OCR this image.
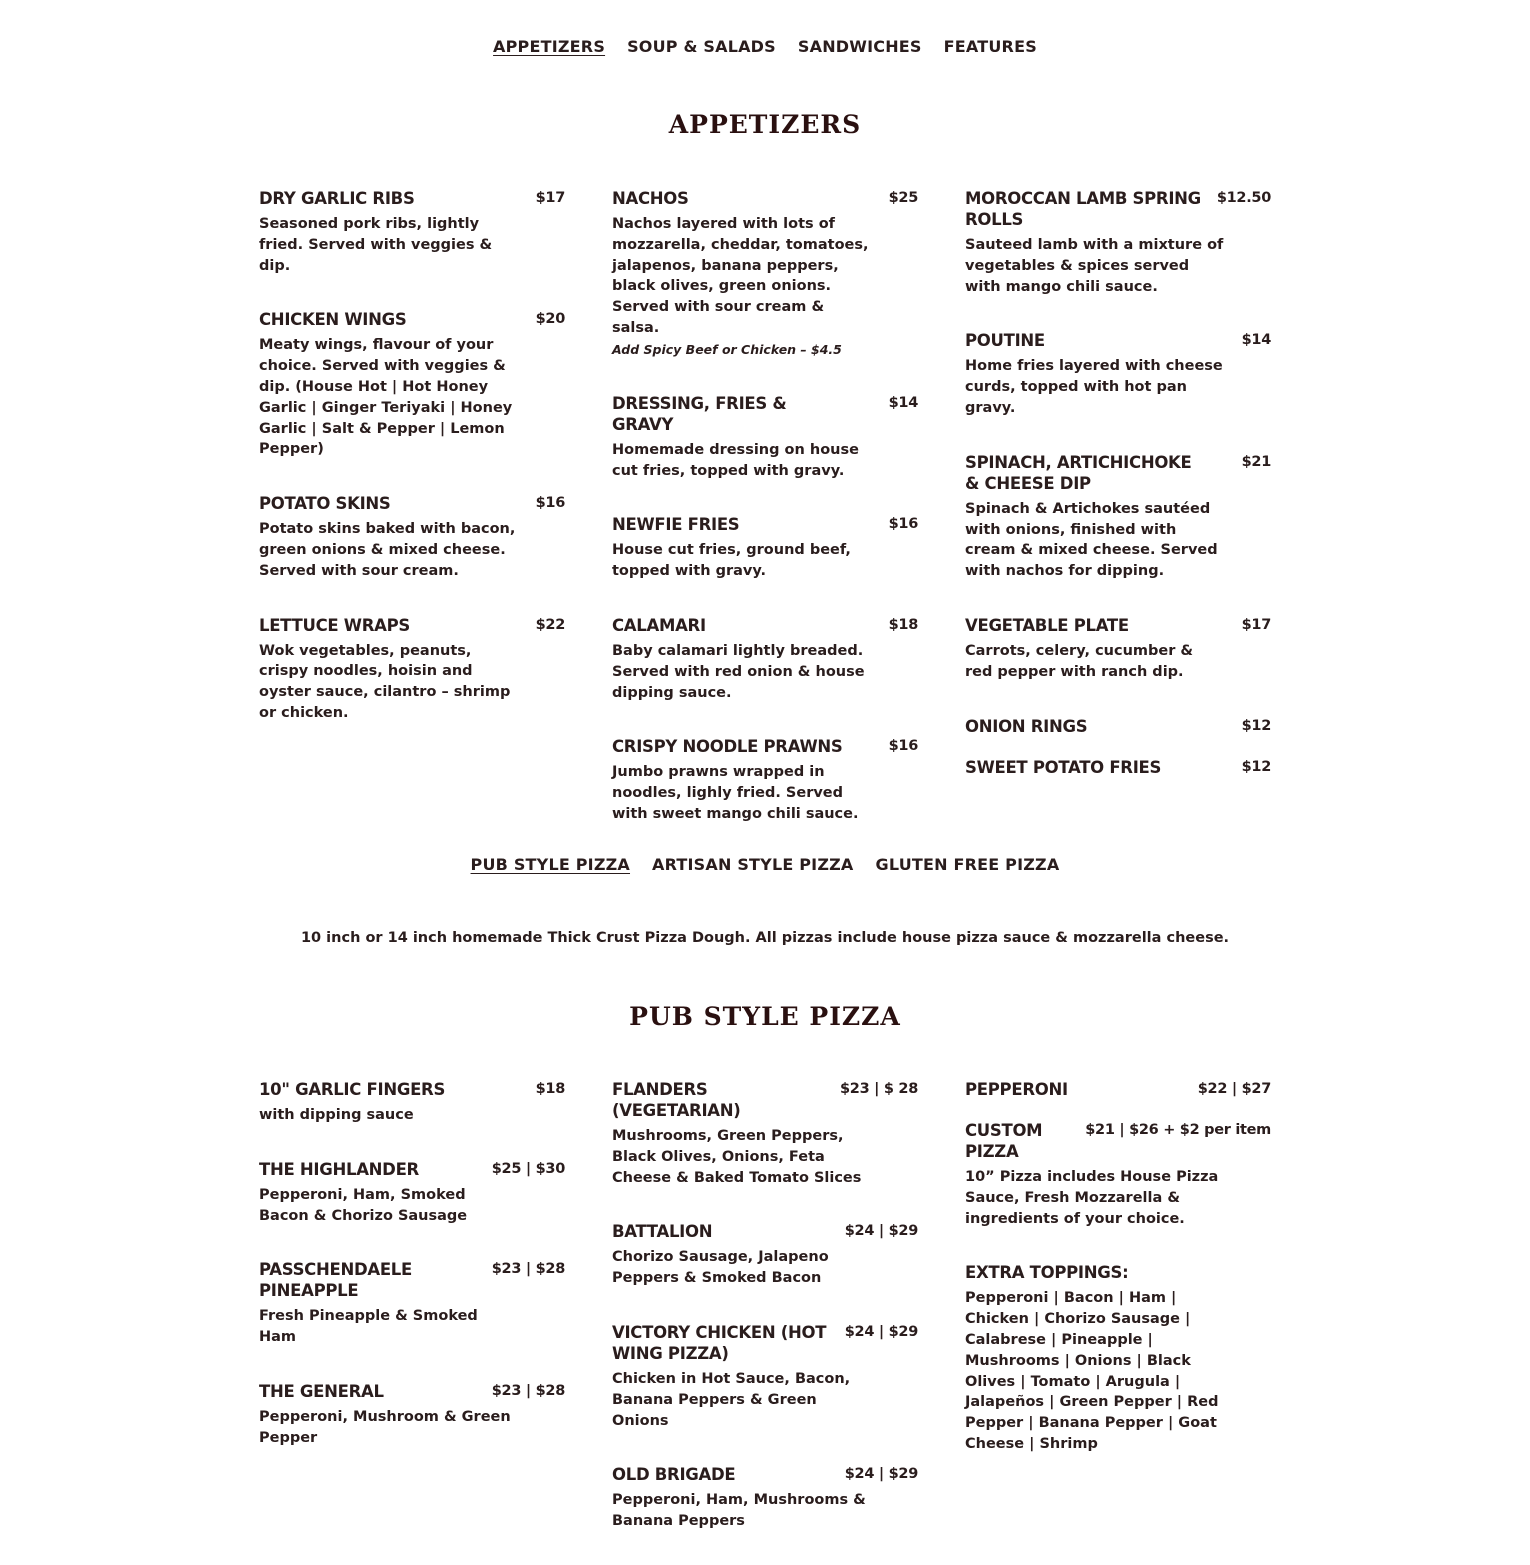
APPETIZERS SOUP & SALADS SANDWICHES FEATURES
APPETIZERS
DRY GARLIC RIBS	$17
Seasoned pork ribs, lightly fried. Served with veggies & dip.
CHICKEN WINGS	$20
Meaty wings, flavour of your choice. Served with veggies & dip. (House Hot | Hot Honey Garlic | Ginger Teriyaki | Honey Garlic | Salt & Pepper | Lemon Pepper)
POTATO SKINS	$16
Potato skins baked with bacon, green onions & mixed cheese. Served with sour cream.
LETTUCE WRAPS	$22
Wok vegetables, peanuts, crispy noodles, hoisin and oyster sauce, cilantro – shrimp or chicken.
NACHOS	$25
Nachos layered with lots of mozzarella, cheddar, tomatoes, jalapenos, banana peppers, black olives, green onions. Served with sour cream & salsa.
Add Spicy Beef or Chicken – $4.5
DRESSING, FRIES & GRAVY
$14
Homemade dressing on house cut fries, topped with gravy.
NEWFIE FRIES	$16
House cut fries, ground beef, topped with gravy.
CALAMARI	$18
Baby calamari lightly breaded. Served with red onion & house dipping sauce.
CRISPY NOODLE PRAWNS	$16
Jumbo prawns wrapped in noodles, lighly fried. Served with sweet mango chili sauce.
MOROCCAN LAMB SPRING ROLLS
$12.50
Sauteed lamb with a mixture of vegetables & spices served with mango chili sauce.
POUTINE	$14
Home fries layered with cheese curds, topped with hot pan gravy.
SPINACH, ARTICHICHOKE & CHEESE DIP
$21
Spinach & Artichokes sautéed with onions, finished with cream & mixed cheese. Served with nachos for dipping.
VEGETABLE PLATE	$17
Carrots, celery, cucumber & red pepper with ranch dip.
ONION RINGS	$12
SWEET POTATO FRIES	$12
PUB STYLE PIZZA ARTISAN STYLE PIZZA GLUTEN FREE PIZZA
10 inch or 14 inch homemade Thick Crust Pizza Dough. All pizzas include house pizza sauce & mozzarella cheese.
PUB STYLE PIZZA
10" GARLIC FINGERS	$18
with dipping sauce
THE HIGHLANDER	$25 | $30
Pepperoni, Ham, Smoked Bacon & Chorizo Sausage
PASSCHENDAELE PINEAPPLE
$23 | $28
Fresh Pineapple & Smoked Ham
THE GENERAL	$23 | $28
Pepperoni, Mushroom & Green Pepper
FLANDERS (VEGETARIAN)
$23 | $ 28
Mushrooms, Green Peppers, Black Olives, Onions, Feta Cheese & Baked Tomato Slices
BATTALION	$24 | $29
Chorizo Sausage, Jalapeno Peppers & Smoked Bacon
VICTORY CHICKEN (HOT WING PIZZA)
$24 | $29
Chicken in Hot Sauce, Bacon, Banana Peppers & Green Onions
OLD BRIGADE	$24 | $29
Pepperoni, Ham, Mushrooms & Banana Peppers
PEPPERONI	$22 | $27
CUSTOM PIZZA
$21 | $26 + $2 per item
10” Pizza includes House Pizza Sauce, Fresh Mozzarella & ingredients of your choice.
EXTRA TOPPINGS:
Pepperoni | Bacon | Ham | Chicken | Chorizo Sausage | Calabrese | Pineapple | Mushrooms | Onions | Black Olives | Tomato | Arugula | Jalapeños | Green Pepper | Red Pepper | Banana Pepper | Goat Cheese | Shrimp
